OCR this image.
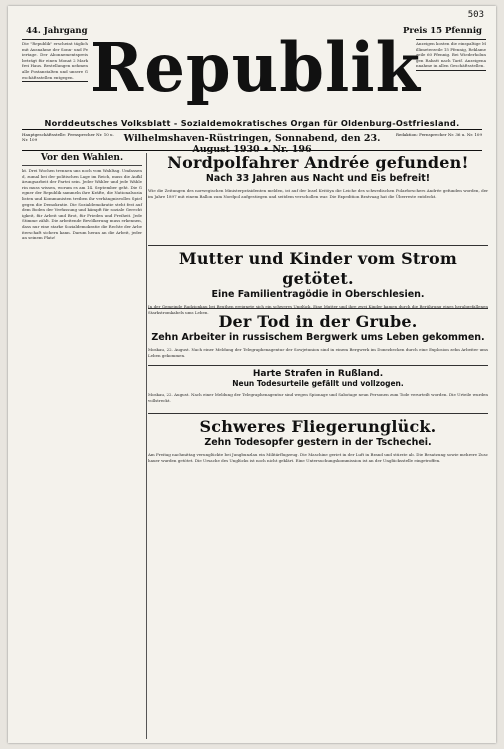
503
44. Jahrgang	Preis 15 Pfennig
Die "Republik" erscheint täglich mit Ausnahme der Sonn- und Feiertage. Der Abonnementspreis beträgt für einen Monat 2 Mark frei Haus. Bestellungen nehmen alle Postanstalten und unsere Geschäftsstellen entgegen.
Anzeigen kosten die einspaltige Millimeterzeile 15 Pfennig, Reklamezeile 60 Pfennig. Bei Wiederholungen Rabatt nach Tarif. Anzeigenannahme in allen Geschäftsstellen.
Republik
Norddeutsches Volksblatt - Sozialdemokratisches Organ für Oldenburg-Ostfriesland.
Hauptgeschäftsstelle: Fernsprecher Nr. 10 u. Nr. 109	Wilhelmshaven-Rüstringen, Sonnabend, den 23. August 1930 • Nr. 196
Redaktion: Fernsprecher Nr. 36 u. Nr. 109
Vor den Wahlen.
kt. Drei Wochen trennen uns noch vom Wahltag. Umfassend, zumal bei der politischen Lage im Reich, muss die Aufklärungsarbeit der Partei sein. Jeder Wähler und jede Wählerin muss wissen, worum es am 14. September geht. Die Gegner der Republik sammeln ihre Kräfte, die Nationalsozialisten und Kommunisten treiben ihr verhängnisvolles Spiel gegen die Demokratie. Die Sozialdemokratie steht fest auf dem Boden der Verfassung und kämpft für soziale Gerechtigkeit, für Arbeit und Brot, für Frieden und Freiheit. Jede Stimme zählt. Die arbeitende Bevölkerung muss erkennen, dass nur eine starke Sozialdemokratie die Rechte der Arbeiterschaft sichern kann. Darum heran an die Arbeit, jeder an seinem Platz!
Nordpolfahrer Andrée gefunden!
Nach 33 Jahren aus Nacht und Eis befreit!
Wie die Zeitungen des norwegischen Ministerpräsidenten melden, ist auf der Insel Kvitöya die Leiche des schwedischen Polarforschers Andrée gefunden worden, der im Jahre 1897 mit einem Ballon zum Nordpol aufgestiegen und seitdem verschollen war. Die Expedition Bratvaag hat die Überreste entdeckt.
Mutter und Kinder vom Strom getötet.
Eine Familientragödie in Oberschlesien.
In der Gemeinde Radzionkau bei Beuthen ereignete sich ein schweres Unglück. Eine Mutter und ihre zwei Kinder kamen durch die Berührung eines herabgefallenen Starkstromkabels ums Leben. Der Tod in der Grube.
Zehn Arbeiter in russischem Bergwerk ums Leben gekommen.
Moskau, 22. August. Nach einer Meldung der Telegraphenagentur der Sowjetunion sind in einem Bergwerk im Donezbecken durch eine Explosion zehn Arbeiter ums Leben gekommen.
Harte Strafen in Rußland.
Neun Todesurteile gefällt und vollzogen.
Moskau, 22. August. Nach einer Meldung der Telegraphenagentur sind wegen Spionage und Sabotage neun Personen zum Tode verurteilt worden. Die Urteile wurden vollstreckt.
Schweres Fliegerunglück.
Zehn Todesopfer gestern in der Tschechei.
Am Freitag nachmittag verunglückte bei Jungbunzlau ein Militärflugzeug. Die Maschine geriet in der Luft in Brand und stürzte ab. Die Besatzung sowie mehrere Zuschauer wurden getötet. Die Ursache des Unglücks ist noch nicht geklärt. Eine Untersuchungskommission ist an der Unglücksstelle eingetroffen.
